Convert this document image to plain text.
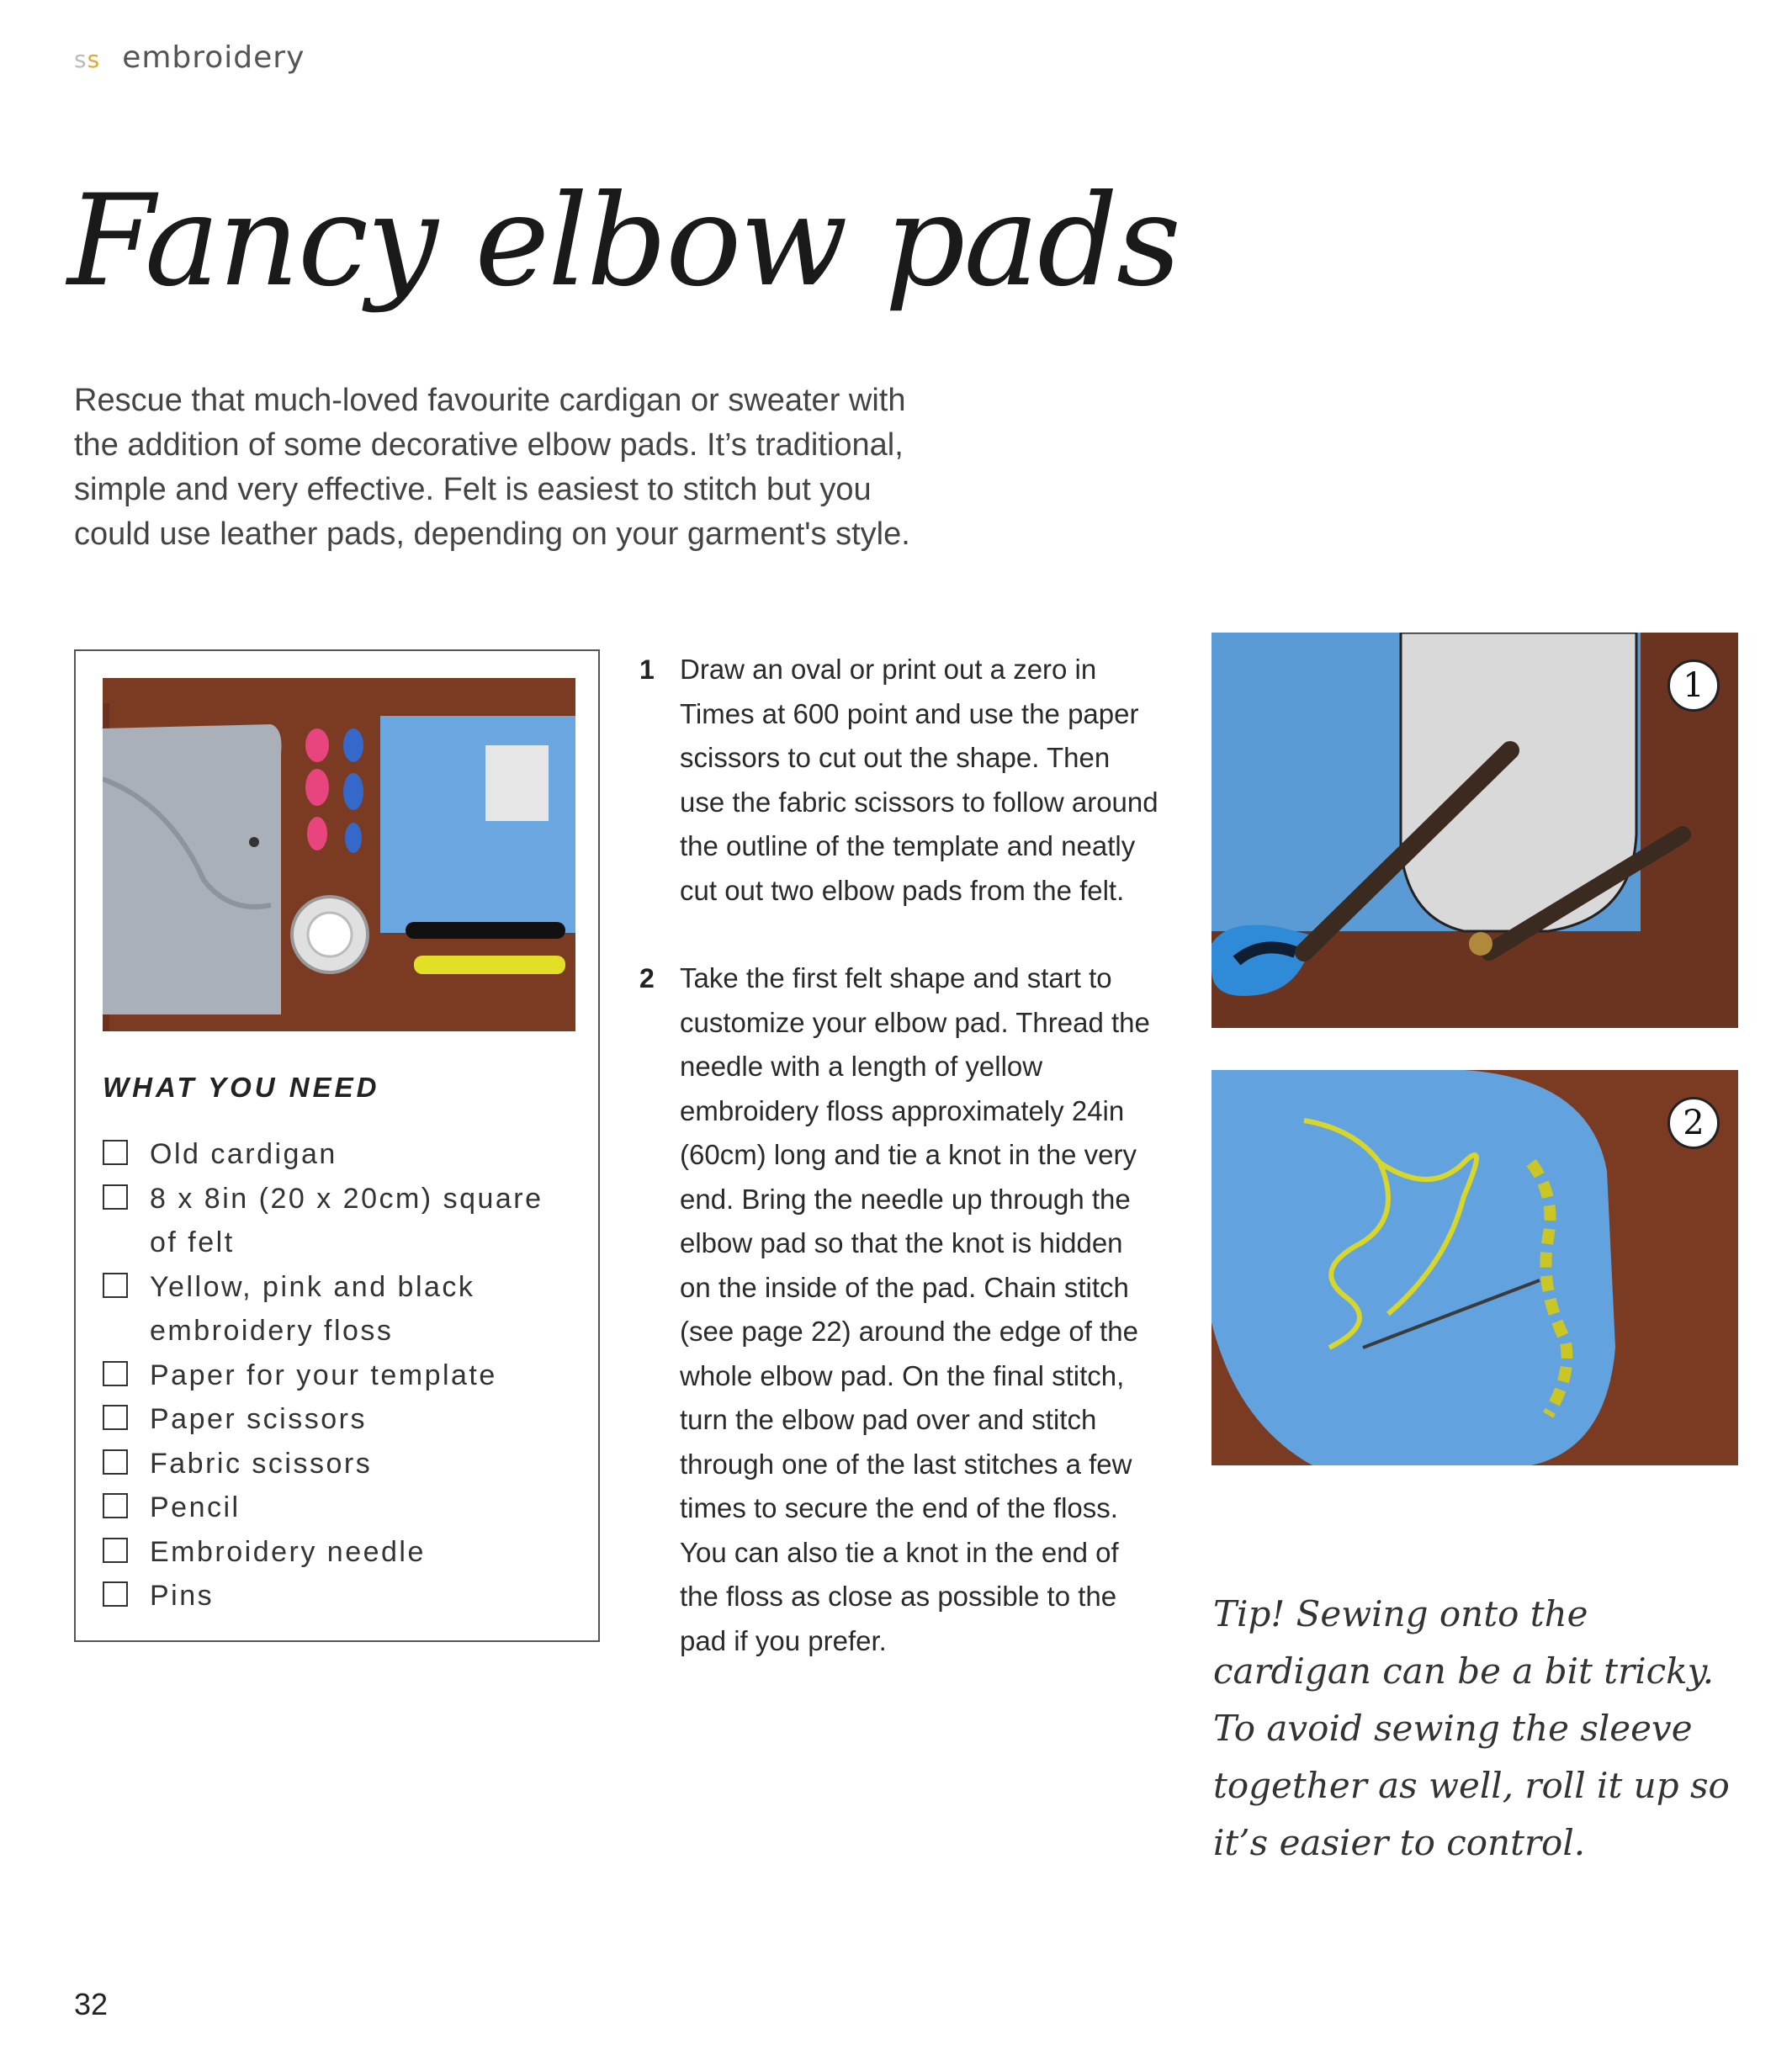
ss embroidery
Fancy elbow pads
Rescue that much-loved favourite cardigan or sweater with the addition of some decorative elbow pads. It’s traditional, simple and very effective. Felt is easiest to stitch but you could use leather pads, depending on your garment's style.
WHAT YOU NEED
Old cardigan
8 x 8in (20 x 20cm) square of felt
Yellow, pink and black embroidery floss
Paper for your template
Paper scissors
Fabric scissors
Pencil
Embroidery needle
Pins
1 Draw an oval or print out a zero in Times at 600 point and use the paper scissors to cut out the shape. Then use the fabric scissors to follow around the outline of the template and neatly cut out two elbow pads from the felt.
2 Take the first felt shape and start to customize your elbow pad. Thread the needle with a length of yellow embroidery floss approximately 24in (60cm) long and tie a knot in the very end. Bring the needle up through the elbow pad so that the knot is hidden on the inside of the pad. Chain stitch (see page 22) around the edge of the whole elbow pad. On the final stitch, turn the elbow pad over and stitch through one of the last stitches a few times to secure the end of the floss. You can also tie a knot in the end of the floss as close as possible to the pad if you prefer.
1
2
Tip! Sewing onto the cardigan can be a bit tricky. To avoid sewing the sleeve together as well, roll it up so it’s easier to control.
32
